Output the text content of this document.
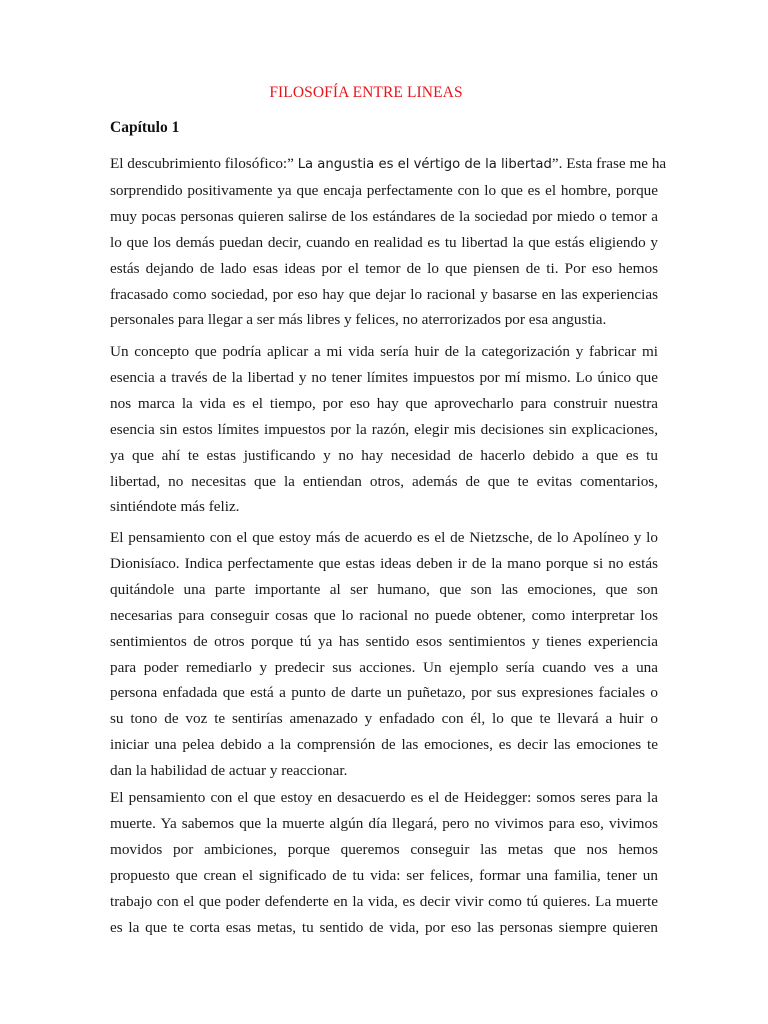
FILOSOFÍA ENTRE LINEAS
Capítulo 1

El descubrimiento filosófico:” La angustia es el vértigo de la libertad”. Esta frase me ha
sorprendido positivamente ya que encaja perfectamente con lo que es el hombre, porque
muy pocas personas quieren salirse de los estándares de la sociedad por miedo o temor a
lo que los demás puedan decir, cuando en realidad es tu libertad la que estás eligiendo y
estás dejando de lado esas ideas por el temor de lo que piensen de ti. Por eso hemos
fracasado como sociedad, por eso hay que dejar lo racional y basarse en las experiencias
personales para llegar a ser más libres y felices, no aterrorizados por esa angustia.

Un concepto que podría aplicar a mi vida sería huir de la categorización y fabricar mi
esencia a través de la libertad y no tener límites impuestos por mí mismo. Lo único que
nos marca la vida es el tiempo, por eso hay que aprovecharlo para construir nuestra
esencia sin estos límites impuestos por la razón, elegir mis decisiones sin explicaciones,
ya que ahí te estas justificando y no hay necesidad de hacerlo debido a que es tu
libertad, no necesitas que la entiendan otros, además de que te evitas comentarios,
sintiéndote más feliz.

El pensamiento con el que estoy más de acuerdo es el de Nietzsche, de lo Apolíneo y lo
Dionisíaco. Indica perfectamente que estas ideas deben ir de la mano porque si no estás
quitándole una parte importante al ser humano, que son las emociones, que son
necesarias para conseguir cosas que lo racional no puede obtener, como interpretar los
sentimientos de otros porque tú ya has sentido esos sentimientos y tienes experiencia
para poder remediarlo y predecir sus acciones. Un ejemplo sería cuando ves a una
persona enfadada que está a punto de darte un puñetazo, por sus expresiones faciales o
su tono de voz te sentirías amenazado y enfadado con él, lo que te llevará a huir o
iniciar una pelea debido a la comprensión de las emociones, es decir las emociones te
dan la habilidad de actuar y reaccionar.

El pensamiento con el que estoy en desacuerdo es el de Heidegger: somos seres para la
muerte. Ya sabemos que la muerte algún día llegará, pero no vivimos para eso, vivimos
movidos por ambiciones, porque queremos conseguir las metas que nos hemos
propuesto que crean el significado de tu vida: ser felices, formar una familia, tener un
trabajo con el que poder defenderte en la vida, es decir vivir como tú quieres. La muerte
es la que te corta esas metas, tu sentido de vida, por eso las personas siempre quieren
